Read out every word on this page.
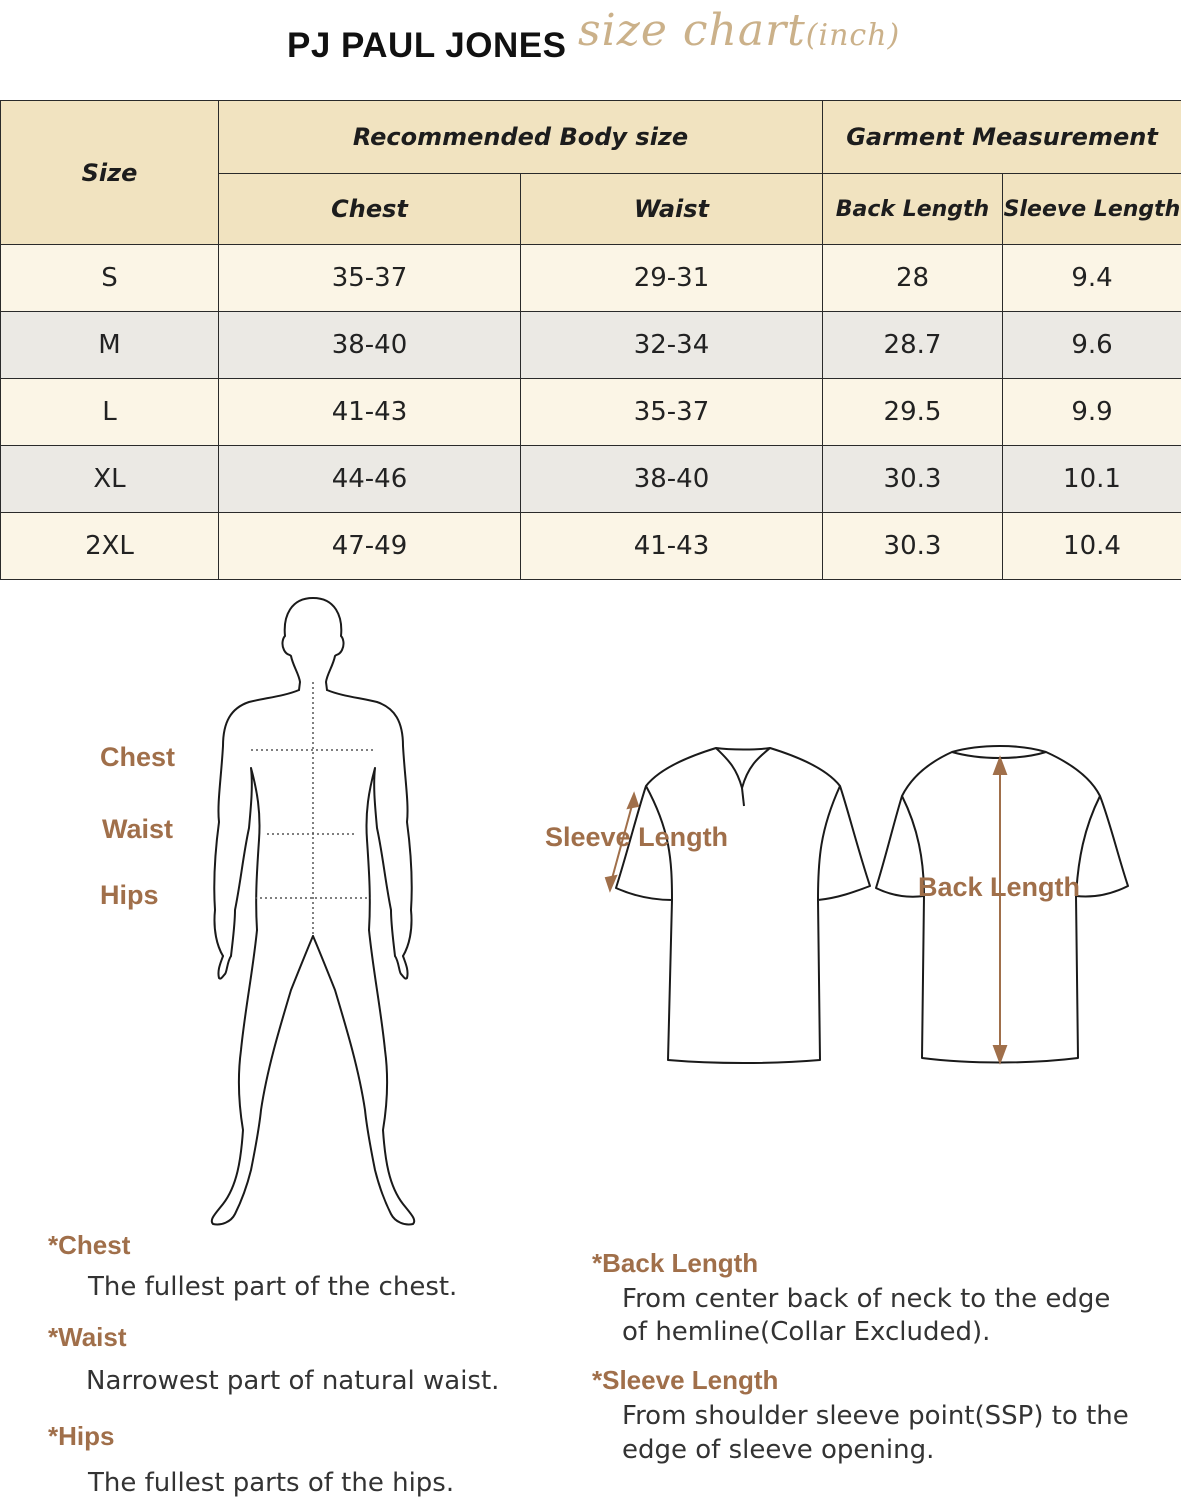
PJ PAUL JONES size chart(inch)
Size	Recommended Body size		Garment Measurement	
	Chest	Waist	Back Length	Sleeve Length
S	35-37	29-31	28	9.4
M	38-40	32-34	28.7	9.6
L	41-43	35-37	29.5	9.9
XL	44-46	38-40	30.3	10.1
2XL	47-49	41-43	30.3	10.4
Chest
Waist
Hips
Sleeve Length
Back Length
*Chest
The fullest part of the chest.
*Waist
Narrowest part of natural waist.
*Hips
The fullest parts of the hips.
*Back Length
From center back of neck to the edge
of hemline(Collar Excluded).
*Sleeve Length
From shoulder sleeve point(SSP) to the
edge of sleeve opening.
